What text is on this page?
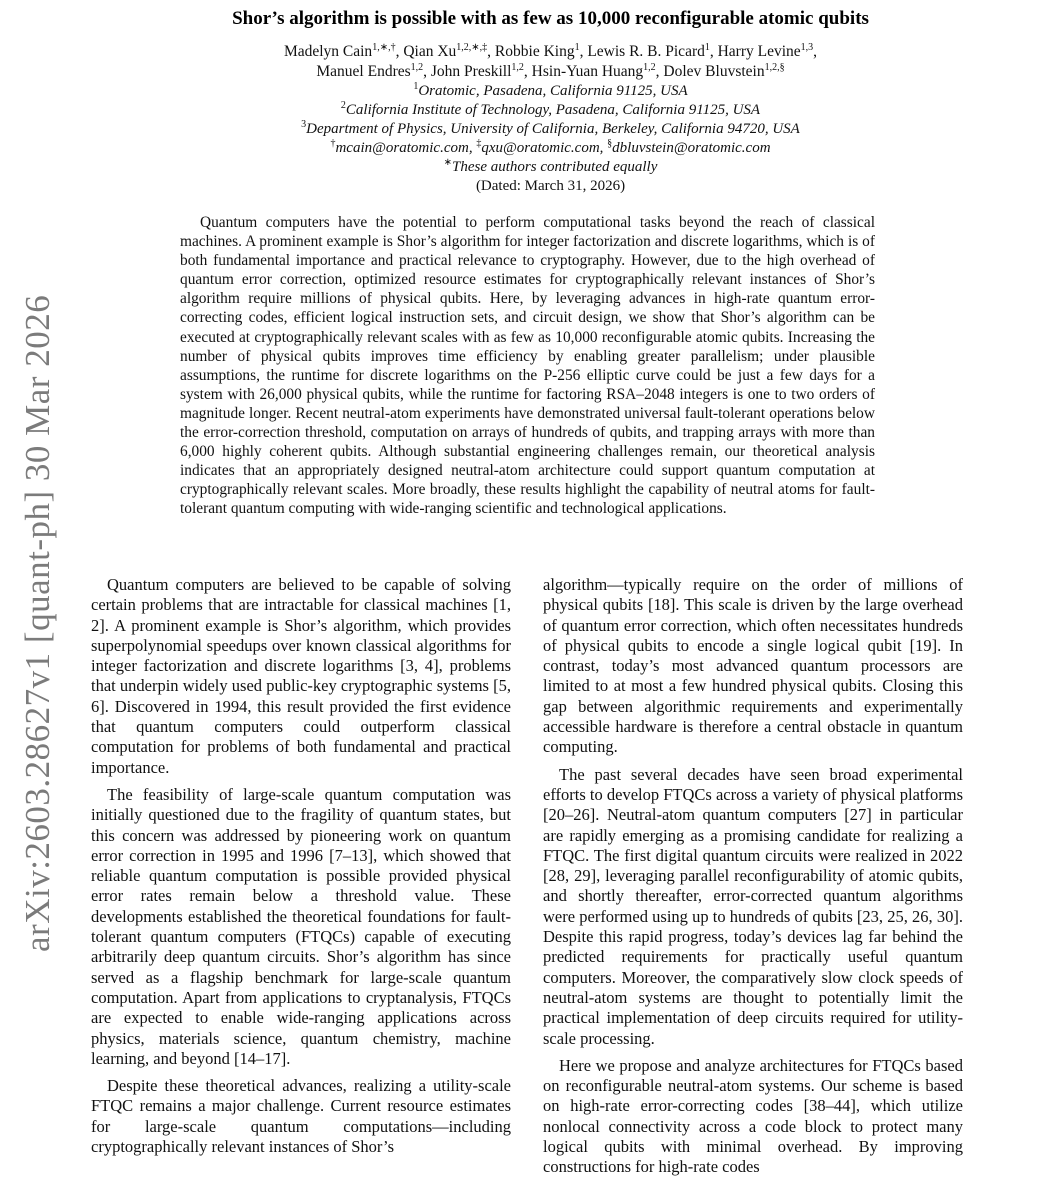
arXiv:2603.28627v1 [quant-ph] 30 Mar 2026
Shor’s algorithm is possible with as few as 10,000 reconfigurable atomic qubits
Madelyn Cain$^{1,∗,\dagger}$, Qian $Xu^{1,2,∗,\ddagger}$, Robbie King$^1$, Lewis R. B. Picard$^1$, Harry Levine$^{1,3}$,
Manuel Endres$^{1,2}$, John Preskill$^{1,2}$, Hsin-Yuan Huang$^{1,2}$, Dolev Bluvstein$^{1,2,\S}$

$^1$Oratomic, Pasadena, California 91125, USA

$^2$California Institute of Technology, Pasadena, California 91125, USA

$^3$Department of Physics, University of California, Berkeley, California 94720, USA

†mcain@oratomic.com, ‡qxu@oratomic.com, §dbluvstein@oratomic.com

∗These authors contributed equally

(Dated: March 31, 2026)

Quantum computers have the potential to perform computational tasks beyond the reach of classical machines. A prominent example is Shor’s algorithm for integer factorization and discrete logarithms, which is of both fundamental importance and practical relevance to cryptography. However, due to the high overhead of quantum error correction, optimized resource estimates for cryptographically relevant instances of Shor’s algorithm require millions of physical qubits. Here, by leveraging advances in high-rate quantum error-correcting codes, efficient logical instruction sets, and circuit design, we show that Shor’s algorithm can be executed at cryptographically relevant scales with as few as 10,000 reconfigurable atomic qubits. Increasing the number of physical qubits improves time efficiency by enabling greater parallelism; under plausible assumptions, the runtime for discrete logarithms on the P-256 elliptic curve could be just a few days for a system with 26,000 physical qubits, while the runtime for factoring RSA–2048 integers is one to two orders of magnitude longer. Recent neutral-atom experiments have demonstrated universal fault-tolerant operations below the error-correction threshold, computation on arrays of hundreds of qubits, and trapping arrays with more than 6,000 highly coherent qubits. Although substantial engineering challenges remain, our theoretical analysis indicates that an appropriately designed neutral-atom architecture could support quantum computation at cryptographically relevant scales. More broadly, these results highlight the capability of neutral atoms for fault-tolerant quantum computing with wide-ranging scientific and technological applications.

Quantum computers are believed to be capable of solving certain problems that are intractable for classical machines [1, 2]. A prominent example is Shor’s algorithm, which provides superpolynomial speedups over known classical algorithms for integer factorization and discrete logarithms [3, 4], problems that underpin widely used public-key cryptographic systems [5, 6]. Discovered in 1994, this result provided the first evidence that quantum computers could outperform classical computation for problems of both fundamental and practical importance.

The feasibility of large-scale quantum computation was initially questioned due to the fragility of quantum states, but this concern was addressed by pioneering work on quantum error correction in 1995 and 1996 [7–13], which showed that reliable quantum computation is possible provided physical error rates remain below a threshold value. These developments established the theoretical foundations for fault-tolerant quantum computers (FTQCs) capable of executing arbitrarily deep quantum circuits. Shor’s algorithm has since served as a flagship benchmark for large-scale quantum computation. Apart from applications to cryptanalysis, FTQCs are expected to enable wide-ranging applications across physics, materials science, quantum chemistry, machine learning, and beyond [14–17].

Despite these theoretical advances, realizing a utility-scale FTQC remains a major challenge. Current resource estimates for large-scale quantum computations—including cryptographically relevant instances of Shor’s

algorithm—typically require on the order of millions of physical qubits [18]. This scale is driven by the large overhead of quantum error correction, which often necessitates hundreds of physical qubits to encode a single logical qubit [19]. In contrast, today’s most advanced quantum processors are limited to at most a few hundred physical qubits. Closing this gap between algorithmic requirements and experimentally accessible hardware is therefore a central obstacle in quantum computing.

The past several decades have seen broad experimental efforts to develop FTQCs across a variety of physical platforms [20–26]. Neutral-atom quantum computers [27] in particular are rapidly emerging as a promising candidate for realizing a FTQC. The first digital quantum circuits were realized in 2022 [28, 29], leveraging parallel reconfigurability of atomic qubits, and shortly thereafter, error-corrected quantum algorithms were performed using up to hundreds of qubits [23, 25, 26, 30]. Despite this rapid progress, today’s devices lag far behind the predicted requirements for practically useful quantum computers. Moreover, the comparatively slow clock speeds of neutral-atom systems are thought to potentially limit the practical implementation of deep circuits required for utility-scale processing.

Here we propose and analyze architectures for FTQCs based on reconfigurable neutral-atom systems. Our scheme is based on high-rate error-correcting codes [38–44], which utilize nonlocal connectivity across a code block to protect many logical qubits with minimal overhead. By improving constructions for high-rate codes
